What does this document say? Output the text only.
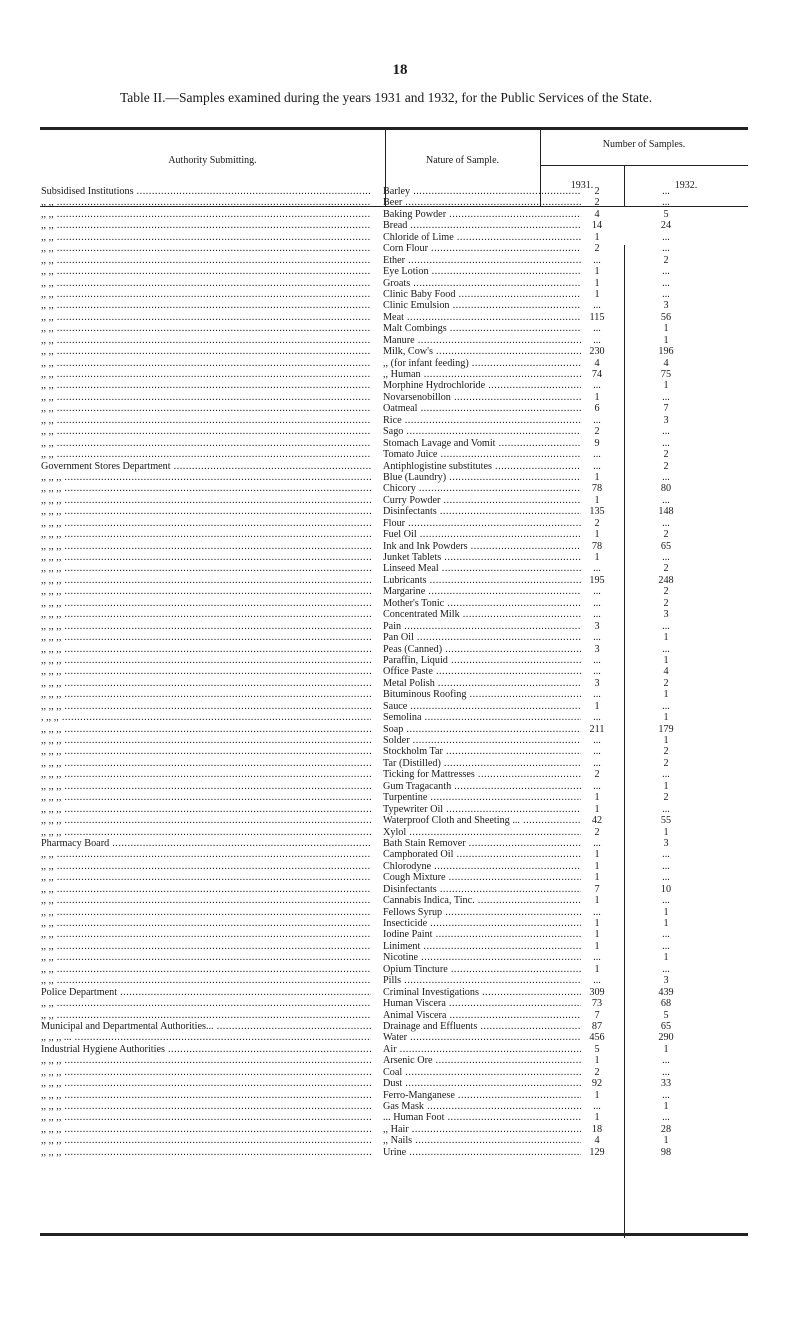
18
Table II.—Samples examined during the years 1931 and 1932, for the Public Services of the State.
Authority Submitting.	Nature of Sample.
Number of Samples.
1931.	1932.
Subsidised Institutions .....	Barley .....	2	...
,, ,, .....	Beer .....	2	...
,, ,, .....	Baking Powder .....	4	5
,, ,, .....	Bread .....	14	24
,, ,, .....	Chloride of Lime .....	1	...
,, ,, .....	Corn Flour .....	2	...
,, ,, .....	Ether .....	...	2
,, ,, .....	Eye Lotion .....	1	...
,, ,, .....	Groats .....	1	...
,, ,, .....	Clinic Baby Food .....	1	...
,, ,, .....	Clinic Emulsion .....	...	3
,, ,, .....	Meat .....	115	56
,, ,, .....	Malt Combings .....	...	1
,, ,, .....	Manure .....	...	1
,, ,, .....	Milk, Cow's .....	230	196
,, ,, .....	,, (for infant feeding) .....	4	4
,, ,, .....	,, Human .....	74	75
,, ,, .....	Morphine Hydrochloride .....	...	1
,, ,, .....	Novarsenobillon .....	1	...
,, ,, .....	Oatmeal .....	6	7
,, ,, .....	Rice .....	...	3
,, ,, .....	Sago .....	2	...
,, ,, .....	Stomach Lavage and Vomit .....	9	...
,, ,, .....	Tomato Juice .....	...	2
Government Stores Department .....	Antiphlogistine substitutes .....	...	2
,, ,, ,, .....	Blue (Laundry) .....	1	...
,, ,, ,, .....	Chicory .....	78	80
,, ,, ,, .....	Curry Powder .....	1	...
,, ,, ,, .....	Disinfectants .....	135	148
,, ,, ,, .....	Flour .....	2	...
,, ,, ,, .....	Fuel Oil .....	1	2
,, ,, ,, .....	Ink and Ink Powders .....	78	65
,, ,, ,, .....	Junket Tablets .....	1	...
,, ,, ,, .....	Linseed Meal .....	...	2
,, ,, ,, .....	Lubricants .....	195	248
,, ,, ,, .....	Margarine .....	...	2
,, ,, ,, .....	Mother's Tonic .....	...	2
,, ,, ,, .....	Concentrated Milk .....	...	3
,, ,, ,, .....	Pain .....	3	...
,, ,, ,, .....	Pan Oil .....	...	1
,, ,, ,, .....	Peas (Canned) .....	3	...
,, ,, ,, .....	Paraffin, Liquid .....	...	1
,, ,, ,, .....	Office Paste .....	...	4
,, ,, ,, .....	Metal Polish .....	3	2
,, ,, ,, .....	Bituminous Roofing .....	...	1
,, ,, ,, .....	Sauce .....	1	...
, ,, ,, .....	Semolina .....	...	1
,, ,, ,, .....	Soap .....	211	179
,, ,, ,, .....	Solder .....	...	1
,, ,, ,, .....	Stockholm Tar .....	...	2
,, ,, ,, .....	Tar (Distilled) .....	...	2
,, ,, ,, .....	Ticking for Mattresses .....	2	...
,, ,, ,, .....	Gum Tragacanth .....	...	1
,, ,, ,, .....	Turpentine .....	1	2
,, ,, ,, .....	Typewriter Oil .....	1	...
,, ,, ,, .....	Waterproof Cloth and Sheeting ... .....	42	55
,, ,, ,, .....	Xylol .....	2	1
Pharmacy Board .....	Bath Stain Remover .....	...	3
,, ,, .....	Camphorated Oil .....	1	...
,, ,, .....	Chlorodyne .....	1	...
,, ,, .....	Cough Mixture .....	1	...
,, ,, .....	Disinfectants .....	7	10
,, ,, .....	Cannabis Indica, Tinc. .....	1	...
,, ,, .....	Fellows Syrup .....	...	1
,, ,, .....	Insecticide .....	1	1
,, ,, .....	Iodine Paint .....	1	...
,, ,, .....	Liniment .....	1	...
,, ,, .....	Nicotine .....	...	1
,, ,, .....	Opium Tincture .....	1	...
,, ,, .....	Pills .....	...	3
Police Department .....	Criminal Investigations .....	309	439
,, ,, .....	Human Viscera .....	73	68
,, ,, .....	Animal Viscera .....	7	5
Municipal and Departmental Authorities... .....	Drainage and Effluents .....	87	65
,, ,, ,, ... .....	Water .....	456	290
Industrial Hygiene Authorities .....	Air .....	5	1
,, ,, ,, .....	Arsenic Ore .....	1	...
,, ,, ,, .....	Coal .....	2	...
,, ,, ,, .....	Dust .....	92	33
,, ,, ,, .....	Ferro-Manganese .....	1	...
,, ,, ,, .....	Gas Mask .....	...	1
,, ,, ,, .....	... Human Foot .....	1	...
,, ,, ,, .....	,, Hair .....	18	28
,, ,, ,, .....	,, Nails .....	4	1
,, ,, ,, .....	Urine .....	129	98
